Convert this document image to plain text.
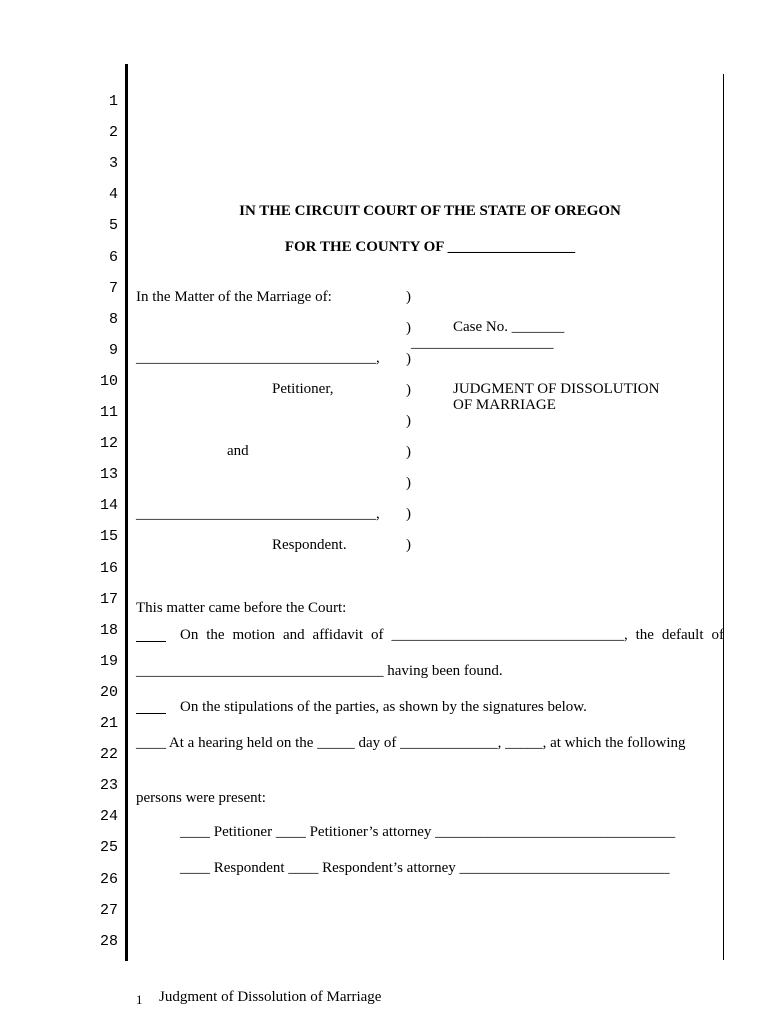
1
2
3
4
5
6
7
8
9
10
11
12
13
14
15
16
17
18
19
20
21
22
23
24
25
26
27
28
IN THE CIRCUIT COURT OF THE STATE OF OREGON
FOR THE COUNTY OF _________________
In the Matter of the Marriage of:
________________________________,
Petitioner,
and
________________________________,
Respondent.
)
)
)
)
)
)
)
)
)
Case No. _______
___________________
JUDGMENT OF DISSOLUTION
OF MARRIAGE
This matter came before the Court:
On the motion and affidavit of _______________________________, the default of
_________________________________ having been found.
On the stipulations of the parties, as shown by the signatures below.
____ At a hearing held on the _____ day of _____________, _____, at which the following
persons were present:
____ Petitioner ____ Petitioner’s attorney ________________________________
____ Respondent ____ Respondent’s attorney ____________________________
1 Judgment of Dissolution of Marriage
